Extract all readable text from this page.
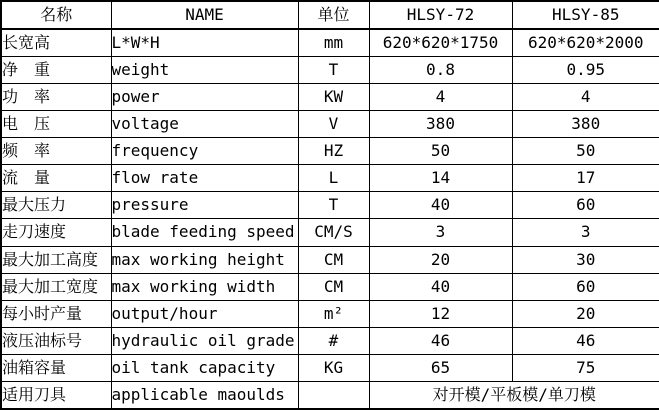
名称	NAME	单位	HLSY-72	HLSY-85
长宽高	L*W*H	mm	620*620*1750	620*620*2000
净　重	weight	T	0.8	0.95
功　率	power	KW	4	4
电　压	voltage	V	380	380
频　率	frequency	HZ	50	50
流　量	flow rate	L	14	17
最大压力	pressure	T	40	60
走刀速度	blade feeding speed	CM/S	3	3
最大加工高度	max working height	CM	20	30
最大加工宽度	max working width	CM	40	60
每小时产量	output/hour	m²	12	20
液压油标号	hydraulic oil grade	#	46	46
油箱容量	oil tank capacity	KG	65	75
适用刀具	applicable maoulds		对开模/平板模/单刀模	
